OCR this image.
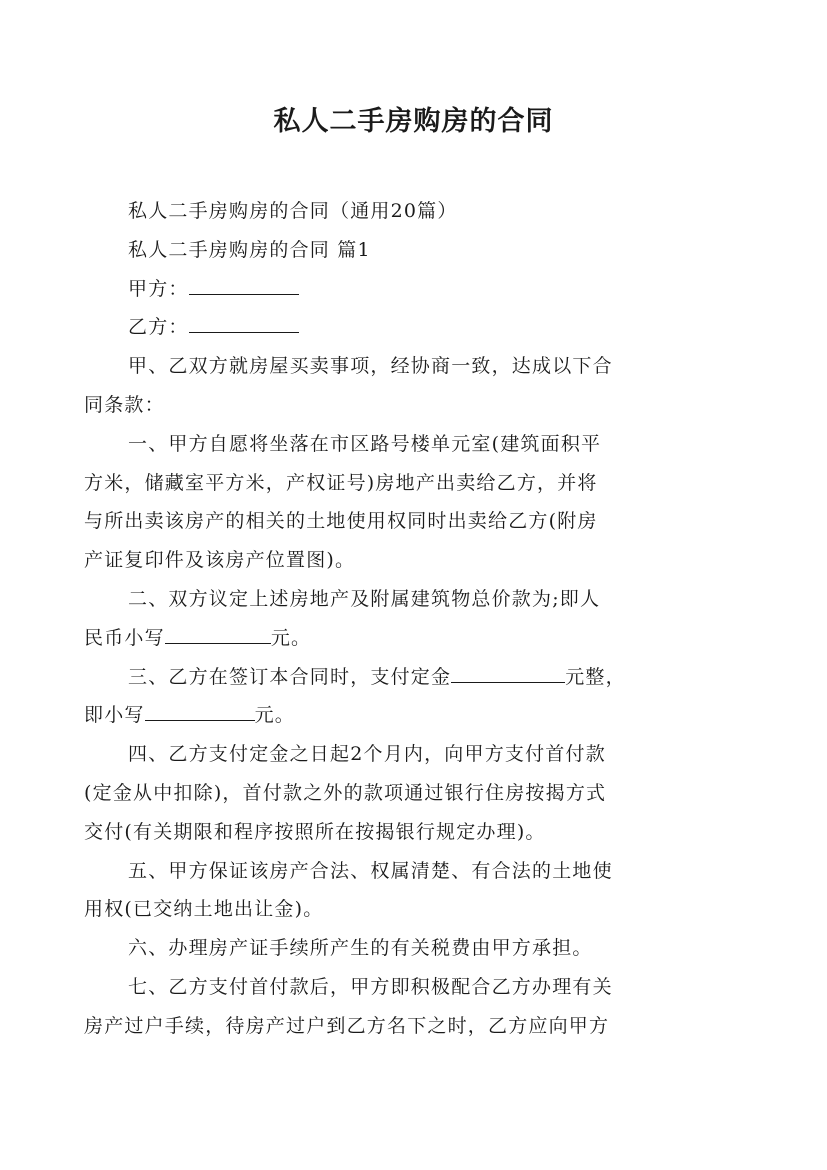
私人二手房购房的合同
私人二手房购房的合同（通用20篇）
私人二手房购房的合同 篇1
甲方：
乙方：
甲、乙双方就房屋买卖事项，经协商一致，达成以下合
同条款：
一、甲方自愿将坐落在市区路号楼单元室(建筑面积平
方米，储藏室平方米，产权证号)房地产出卖给乙方，并将
与所出卖该房产的相关的土地使用权同时出卖给乙方(附房
产证复印件及该房产位置图)。
二、双方议定上述房地产及附属建筑物总价款为;即人
民币小写	元。
三、乙方在签订本合同时，支付定金	元整，
即小写	元。
四、乙方支付定金之日起2个月内，向甲方支付首付款
(定金从中扣除)，首付款之外的款项通过银行住房按揭方式
交付(有关期限和程序按照所在按揭银行规定办理)。
五、甲方保证该房产合法、权属清楚、有合法的土地使
用权(已交纳土地出让金)。
六、办理房产证手续所产生的有关税费由甲方承担。
七、乙方支付首付款后，甲方即积极配合乙方办理有关
房产过户手续，待房产过户到乙方名下之时，乙方应向甲方
